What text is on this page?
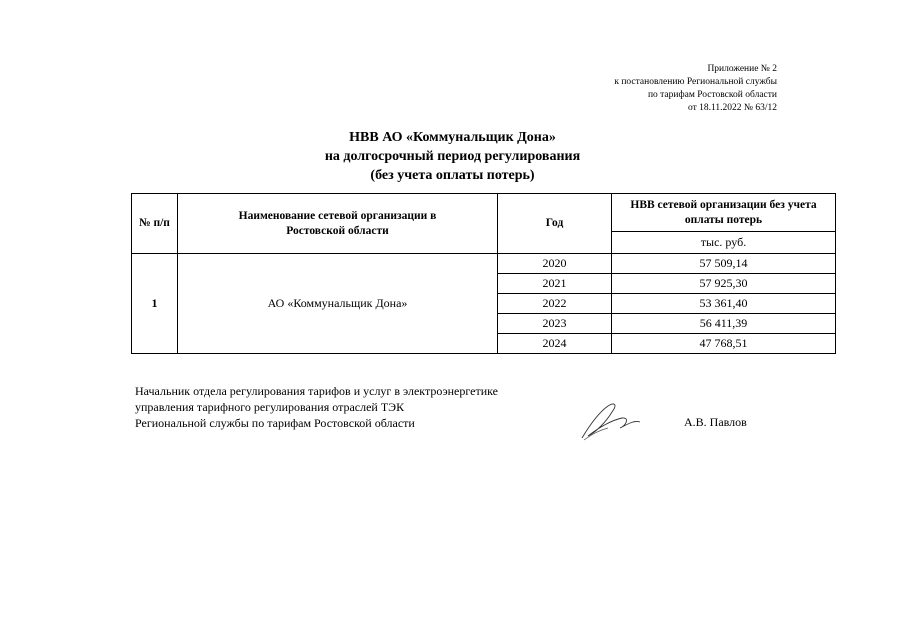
Приложение № 2
к постановлению Региональной службы
по тарифам Ростовской области
от 18.11.2022 № 63/12
НВВ АО «Коммунальщик Дона»
на долгосрочный период регулирования
(без учета оплаты потерь)
№ п/п	Наименование сетевой организации в Ростовской области	Год	НВВ сетевой организации без учета оплаты потерь
			тыс. руб.
1	АО «Коммунальщик Дона»	2020	57 509,14
		2021	57 925,30
		2022	53 361,40
		2023	56 411,39
		2024	47 768,51
Начальник отдела регулирования тарифов и услуг в электроэнергетике
управления тарифного регулирования отраслей ТЭК
Региональной службы по тарифам Ростовской области	А.В. Павлов
